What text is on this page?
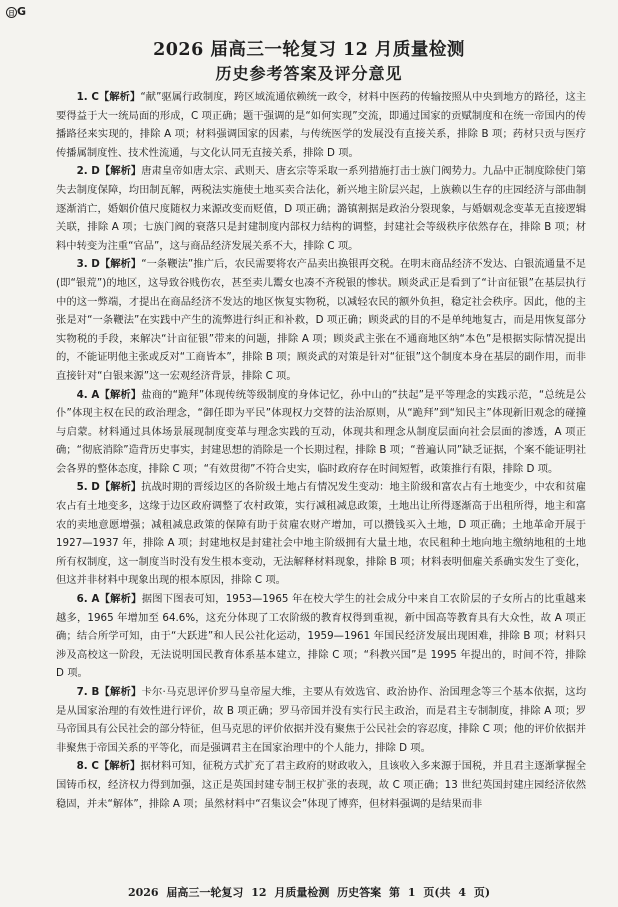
日 G
2026 届高三一轮复习 12 月质量检测
历史参考答案及评分意见

1. C【解析】“献”驱属行政制度，跨区域流通依赖统一政令，材料中医药的传输按照从中央到地方的路径，这主要得益于大一统局面的形成，C 项正确；题干强调的是“如何实现”交流，即通过国家的贡赋制度和在统一帝国内的传播路径来实现的，排除 A 项；材料强调国家的因素，与传统医学的发展没有直接关系，排除 B 项；药材只贡与医疗传播属制度性、技术性流通，与文化认同无直接关系，排除 D 项。

2. D【解析】唐肃皇帝如唐太宗、武则天、唐玄宗等采取一系列措施打击士族门阀势力。九品中正制度除使门第失去制度保障，均田制瓦解，两税法实施使土地买卖合法化，新兴地主阶层兴起，上族赖以生存的庄园经济与部曲制逐渐消亡，婚姻价值尺度随权力来源改变而贬值，D 项正确；潞镇割据是政治分裂现象，与婚姻观念变革无直接逻辑关联，排除 A 项；七族门阀的衰落只是封建制度内部权力结构的调整，封建社会等级秩序依然存在，排除 B 项；材料中转变为注重“官品”，这与商品经济发展关系不大，排除 C 项。

3. D【解析】“一条鞭法”推广后，农民需要将农产品卖出换银再交税。在明末商品经济不发达、白银流通量不足(即“银荒”)的地区，这导致谷贱伤农，甚至卖儿鬻女也凑不齐税银的惨状。顾炎武正是看到了“计亩征银”在基层执行中的这一弊端，才提出在商品经济不发达的地区恢复实物税，以减轻农民的额外负担，稳定社会秩序。因此，他的主张是对“一条鞭法”在实践中产生的流弊进行纠正和补救，D 项正确；顾炎武的目的不是单纯地复古，而是用恢复部分实物税的手段，来解决“计亩征银”带来的问题，排除 A 项；顾炎武主张在不通商地区纳“本色”是根据实际情况提出的，不能证明他主张或反对“工商皆本”，排除 B 项；顾炎武的对策是针对“征银”这个制度本身在基层的副作用，而非直接针对“白银来源”这一宏观经济背景，排除 C 项。

4. A【解析】盐商的“跪拜”体现传统等级制度的身体记忆，孙中山的“扶起”是平等理念的实践示范，“总统是公仆”体现主权在民的政治理念，“御任即为平民”体现权力交替的法治原则，从“跪拜”到“知民主”体现新旧观念的碰撞与启蒙。材料通过具体场景展现制度变革与理念实践的互动，体现共和理念从制度层面向社会层面的渗透，A 项正确；“彻底消除”造背历史事实，封建思想的消除是一个长期过程，排除 B 项；“普遍认同”缺乏证据，个案不能证明社会各界的整体态度，排除 C 项；“有效贯彻”不符合史实，临时政府存在时间短暂，政策推行有限，排除 D 项。

5. D【解析】抗战时期的晋绥边区的各阶级土地占有情况发生变动：地主阶级和富农占有土地变少，中农和贫雇农占有土地变多，这缘于边区政府调整了农村政策，实行减租减息政策，土地出让所得逐渐高于出租所得，地主和富农的卖地意愿增强；减租减息政策的保障有助于贫雇农财产增加，可以攒钱买入土地，D 项正确；土地革命开展于 1927—1937 年，排除 A 项；封建地权是封建社会中地主阶级拥有大量土地，农民租种土地向地主缴纳地租的土地所有权制度，这一制度当时没有发生根本变动，无法解释材料现象，排除 B 项；材料表明佃雇关系确实发生了变化，但这并非材料中现象出现的根本原因，排除 C 项。

6. A【解析】据图下图表可知，1953—1965 年在校大学生的社会成分中来自工农阶层的子女所占的比重越来越多，1965 年增加至 64.6%，这充分体现了工农阶级的教育权得到重视，新中国高等教育具有大众性，故 A 项正确；结合所学可知，由于“大跃进”和人民公社化运动，1959—1961 年国民经济发展出现困难，排除 B 项；材料只涉及高校这一阶段，无法说明国民教育体系基本建立，排除 C 项；“科教兴国”是 1995 年提出的，时间不符，排除 D 项。

7. B【解析】卡尔·马克思评价罗马皇帝屋大维，主要从有效选官、政治协作、治国理念等三个基本依据，这均是从国家治理的有效性进行评价，故 B 项正确；罗马帝国并没有实行民主政治，而是君主专制制度，排除 A 项；罗马帝国具有公民社会的部分特征，但马克思的评价依据并没有聚焦于公民社会的容忍度，排除 C 项；他的评价依据并非聚焦于帝国关系的平等化，而是强调君主在国家治理中的个人能力，排除 D 项。

8. C【解析】据材料可知，征税方式扩充了君主政府的财政收入，且该收入多来源于国税，并且君主逐渐掌握全国铸币权，经济权力得到加强，这正是英国封建专制王权扩张的表现，故 C 项正确；13 世纪英国封建庄园经济依然稳固，并未“解体”，排除 A 项；虽然材料中“召集议会”体现了博弈，但材料强调的是结果而非

2026 届高三一轮复习 12 月质量检测 历史答案 第 1 页(共 4 页)
